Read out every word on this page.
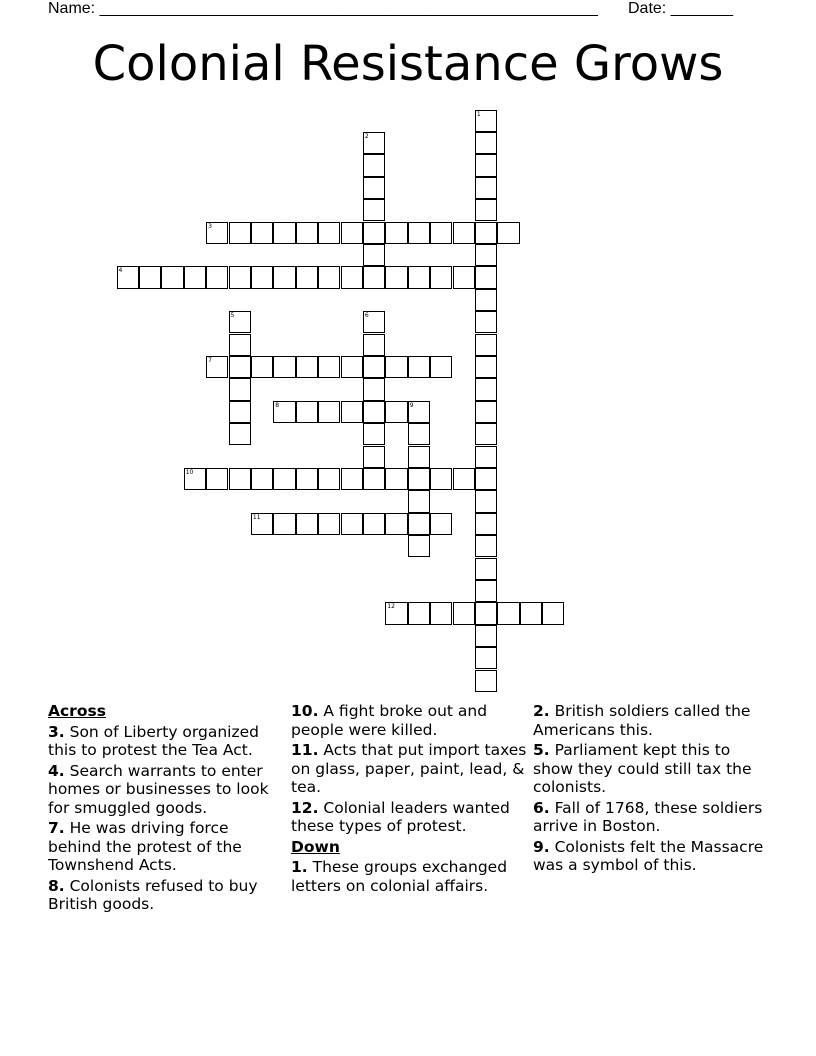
Name: ________________________________________________________ Date: _______
Colonial Resistance Grows
1
2
3
4
5	6
7
8	9
10
11
12
Across
3. Son of Liberty organized this to protest the Tea Act.
4. Search warrants to enter homes or businesses to look for smuggled goods.
7. He was driving force behind the protest of the Townshend Acts.
8. Colonists refused to buy British goods.
10. A fight broke out and people were killed.
11. Acts that put import taxes on glass, paper, paint, lead, & tea.
12. Colonial leaders wanted these types of protest.
Down
1. These groups exchanged letters on colonial affairs.
2. British soldiers called the Americans this.
5. Parliament kept this to show they could still tax the colonists.
6. Fall of 1768, these soldiers arrive in Boston.
9. Colonists felt the Massacre was a symbol of this.
